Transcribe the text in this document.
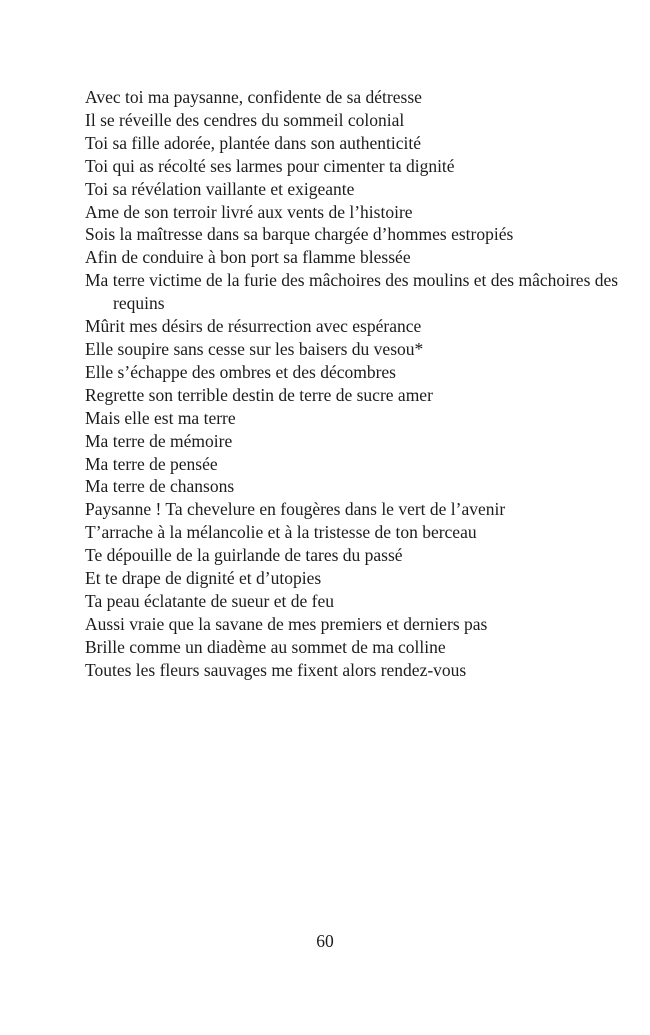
Avec toi ma paysanne, confidente de sa détresse

Il se réveille des cendres du sommeil colonial

Toi sa fille adorée, plantée dans son authenticité

Toi qui as récolté ses larmes pour cimenter ta dignité

Toi sa révélation vaillante et exigeante

Ame de son terroir livré aux vents de l’histoire

Sois la maîtresse dans sa barque chargée d’hommes estropiés

Afin de conduire à bon port sa flamme blessée

Ma terre victime de la furie des mâchoires des moulins et des mâchoires des requins

Mûrit mes désirs de résurrection avec espérance

Elle soupire sans cesse sur les baisers du vesou*

Elle s’échappe des ombres et des décombres

Regrette son terrible destin de terre de sucre amer

Mais elle est ma terre

Ma terre de mémoire

Ma terre de pensée

Ma terre de chansons

Paysanne ! Ta chevelure en fougères dans le vert de l’avenir

T’arrache à la mélancolie et à la tristesse de ton berceau

Te dépouille de la guirlande de tares du passé

Et te drape de dignité et d’utopies

Ta peau éclatante de sueur et de feu

Aussi vraie que la savane de mes premiers et derniers pas

Brille comme un diadème au sommet de ma colline

Toutes les fleurs sauvages me fixent alors rendez-vous

60
